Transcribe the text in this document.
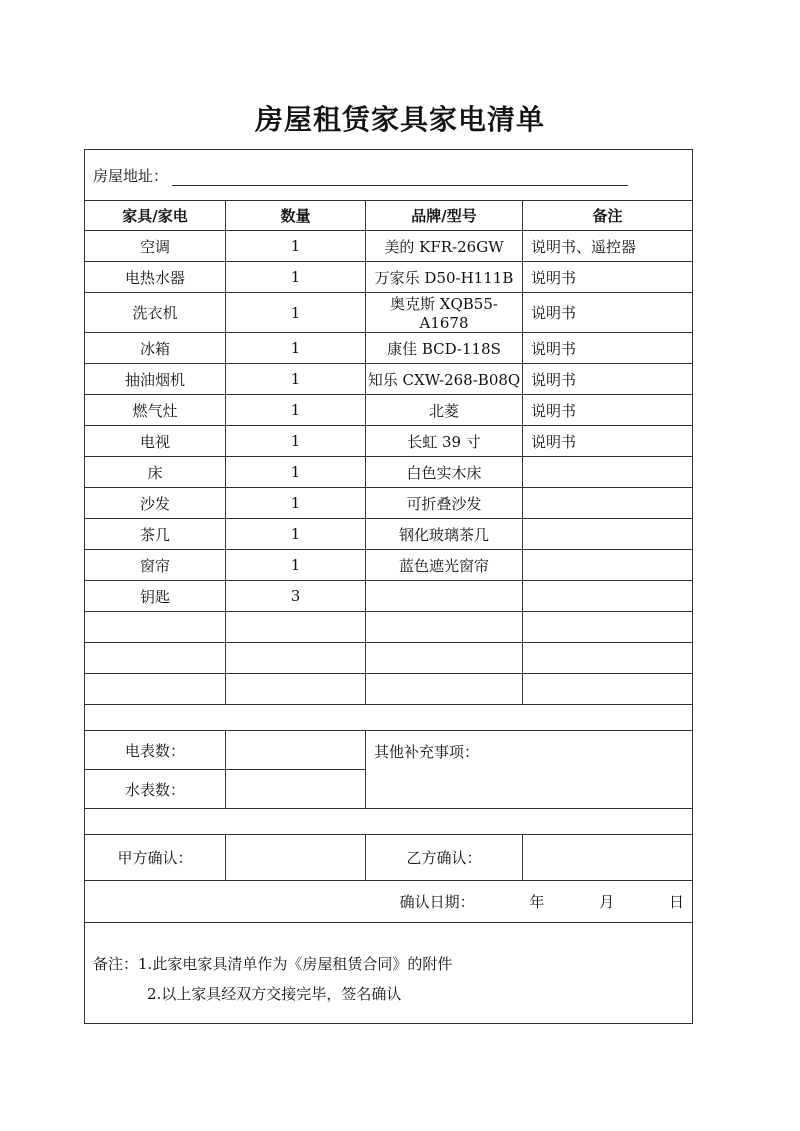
房屋租赁家具家电清单
房屋地址：			
家具/家电	数量	品牌/型号	备注
空调	1	美的 KFR-26GW	说明书、遥控器
电热水器	1	万家乐 D50-H111B	说明书
洗衣机	1	奥克斯 XQB55-A1678	说明书
冰箱	1	康佳 BCD-118S	说明书
抽油烟机	1	知乐 CXW-268-B08Q	说明书
燃气灶	1	北菱	说明书
电视	1	长虹 39 寸	说明书
床	1	白色实木床	
沙发	1	可折叠沙发	
茶几	1	钢化玻璃茶几	
窗帘	1	蓝色遮光窗帘	
钥匙	3		

电表数：		其他补充事项：	
水表数：			

甲方确认：		乙方确认：	
确认日期： 年 月 日			

备注：1.此家电家具清单作为《房屋租赁合同》的附件
2.以上家具经双方交接完毕，签名确认			
